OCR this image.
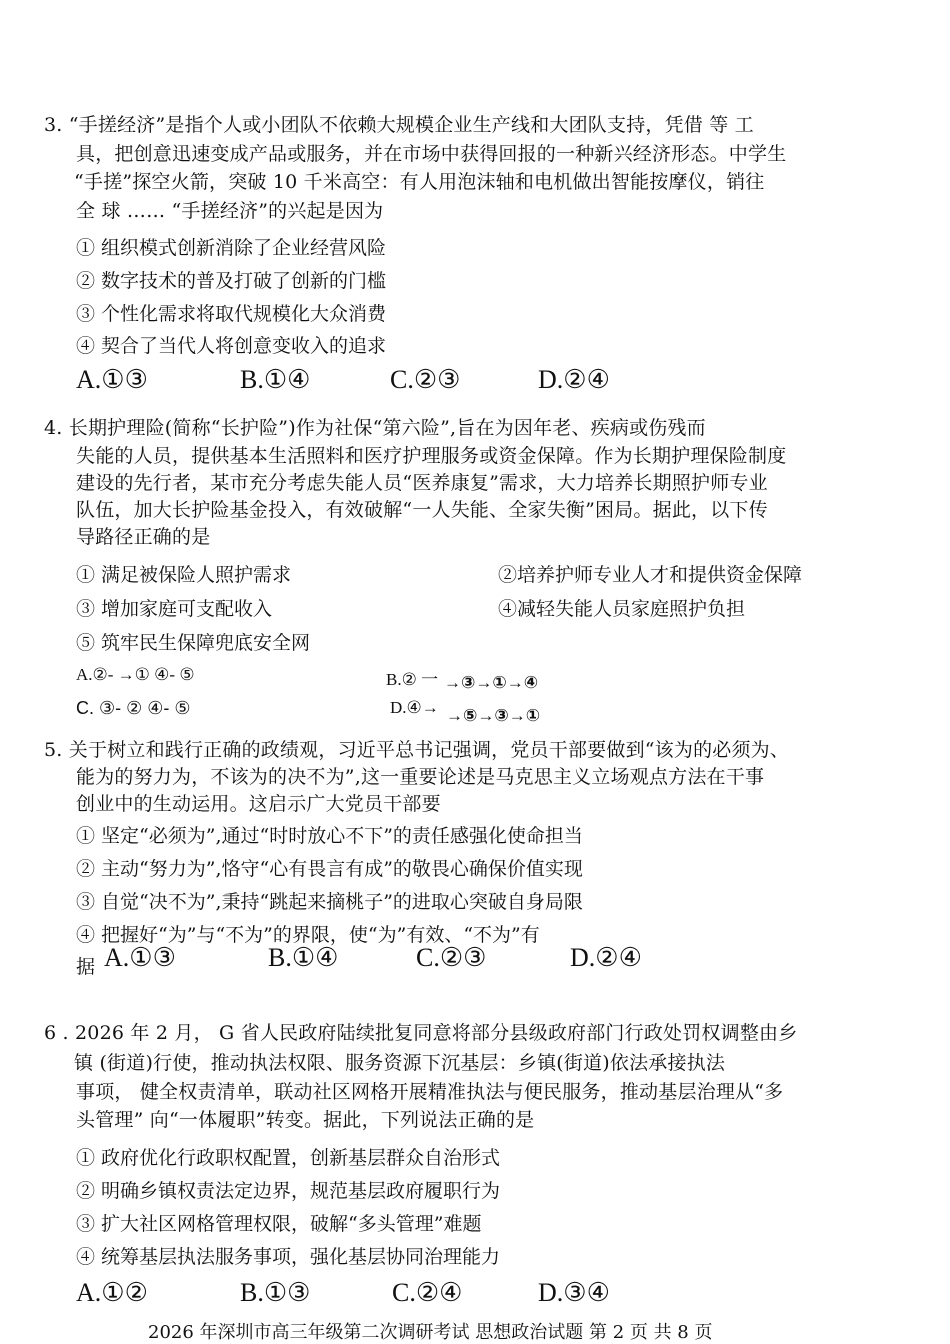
3. “手搓经济”是指个人或小团队不依赖大规模企业生产线和大团队支持，凭借 等 工
具，把创意迅速变成产品或服务，并在市场中获得回报的一种新兴经济形态。中学生
“手搓”探空火箭，突破 10 千米高空：有人用泡沫轴和电机做出智能按摩仪，销往
全 球 …… “手搓经济”的兴起是因为
① 组织模式创新消除了企业经营风险
② 数字技术的普及打破了创新的门槛
③ 个性化需求将取代规模化大众消费
④ 契合了当代人将创意变收入的追求
A.①③	B.①④	C.②③	D.②④
4. 长期护理险(简称“长护险”)作为社保“第六险”,旨在为因年老、疾病或伤残而
失能的人员，提供基本生活照料和医疗护理服务或资金保障。作为长期护理保险制度
建设的先行者，某市充分考虑失能人员“医养康复”需求，大力培养长期照护师专业
队伍，加大长护险基金投入，有效破解“一人失能、全家失衡”困局。据此，以下传
导路径正确的是
① 满足被保险人照护需求	②培养护师专业人才和提供资金保障
③ 增加家庭可支配收入	④减轻失能人员家庭照护负担
⑤ 筑牢民生保障兜底安全网
A.②- →① ④- ⑤	B.② 一 →③→①→④
C. ③- ② ④- ⑤	D.④→ →⑤→③→①
5. 关于树立和践行正确的政绩观，习近平总书记强调，党员干部要做到“该为的必须为、
能为的努力为，不该为的决不为”,这一重要论述是马克思主义立场观点方法在干事
创业中的生动运用。这启示广大党员干部要
① 坚定“必须为”,通过“时时放心不下”的责任感强化使命担当
② 主动“努力为”,恪守“心有畏言有成”的敬畏心确保价值实现
③ 自觉“决不为”,秉持“跳起来摘桃子”的进取心突破自身局限
④ 把握好“为”与“不为”的界限，使“为”有效、“不为”有
据 A.①③	B.①④	C.②③	D.②④
6 . 2026 年 2 月， G 省人民政府陆续批复同意将部分县级政府部门行政处罚权调整由乡
镇 (街道)行使，推动执法权限、服务资源下沉基层：乡镇(街道)依法承接执法
事项， 健全权责清单，联动社区网格开展精准执法与便民服务，推动基层治理从“多
头管理” 向“一体履职”转变。据此，下列说法正确的是
① 政府优化行政职权配置，创新基层群众自治形式
② 明确乡镇权责法定边界，规范基层政府履职行为
③ 扩大社区网格管理权限，破解“多头管理”难题
④ 统筹基层执法服务事项，强化基层协同治理能力
A.①②	B.①③	C.②④	D.③④
2026 年深圳市高三年级第二次调研考试 思想政治试题 第 2 页 共 8 页
